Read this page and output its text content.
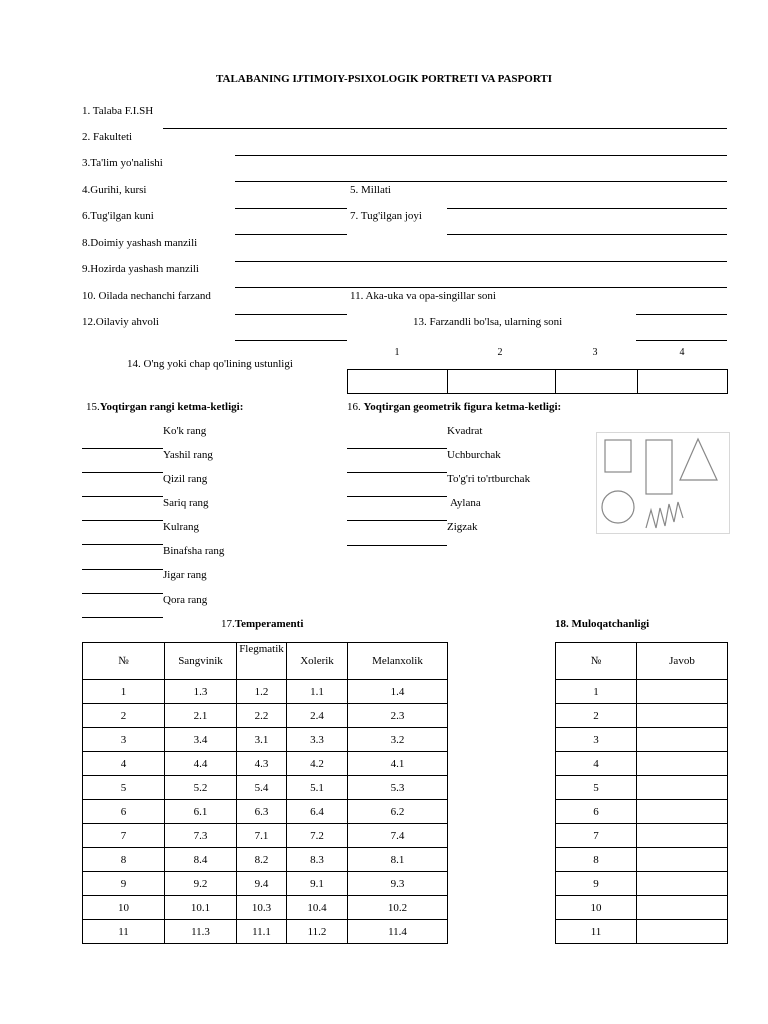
TALABANING IJTIMOIY-PSIXOLOGIK PORTRETI VA PASPORTI
1. Talaba F.I.SH
2. Fakulteti
3.Ta'lim yo'nalishi
4.Gurihi, kursi	5. Millati
6.Tug'ilgan kuni	7. Tug'ilgan joyi
8.Doimiy yashash manzili
9.Hozirda yashash manzili
10. Oilada nechanchi farzand	11. Aka-uka va opa-singillar soni
12.Oilaviy ahvoli	13. Farzandli bo'lsa, ularning soni
14. O'ng yoki chap qo'lining ustunligi
1	2	3	4

15.Yoqtirgan rangi ketma-ketligi:
Ko'k rang
Yashil rang
Qizil rang
Sariq rang
Kulrang
Binafsha rang
Jigar rang
Qora rang
16. Yoqtirgan geometrik figura ketma-ketligi:
Kvadrat
Uchburchak
To'g'ri to'rtburchak
Aylana
Zigzak
17.Temperamenti
№	Sangvinik	Flegmatik	Xolerik	Melanxolik
1	1.3	1.2	1.1	1.4
2	2.1	2.2	2.4	2.3
3	3.4	3.1	3.3	3.2
4	4.4	4.3	4.2	4.1
5	5.2	5.4	5.1	5.3
6	6.1	6.3	6.4	6.2
7	7.3	7.1	7.2	7.4
8	8.4	8.2	8.3	8.1
9	9.2	9.4	9.1	9.3
10	10.1	10.3	10.4	10.2
11	11.3	11.1	11.2	11.4
18. Muloqatchanligi
№	Javob
1	
2	
3	
4	
5	
6	
7	
8	
9	
10	
11	
